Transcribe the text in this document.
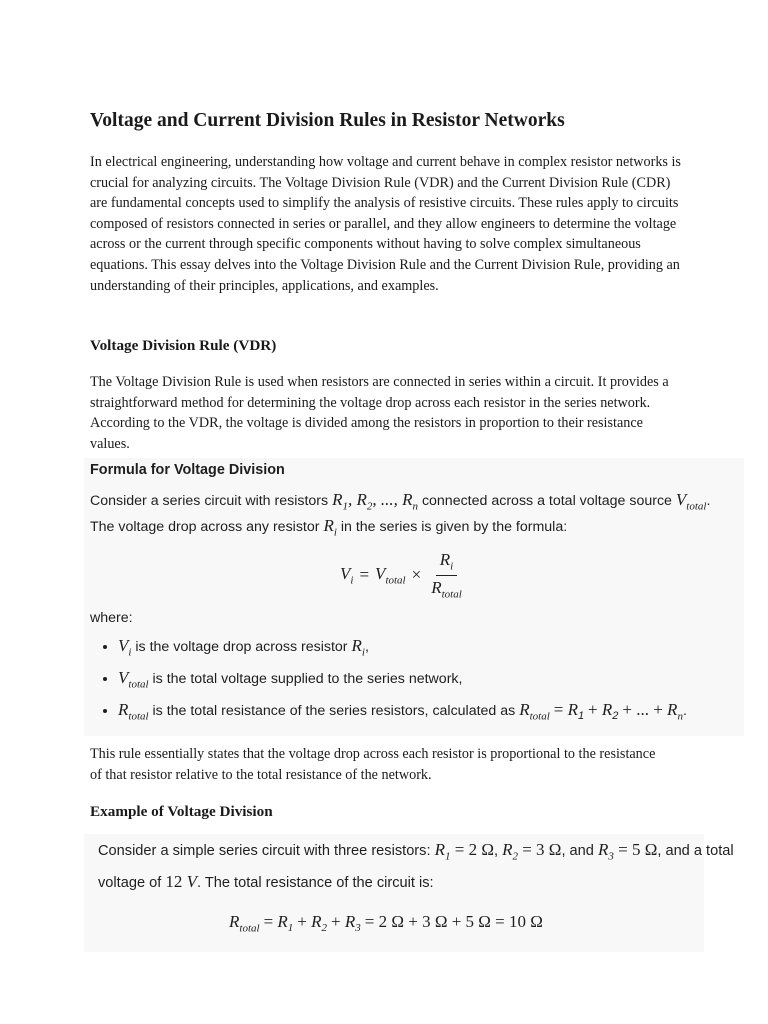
Voltage and Current Division Rules in Resistor Networks

In electrical engineering, understanding how voltage and current behave in complex resistor networks is crucial for analyzing circuits. The Voltage Division Rule (VDR) and the Current Division Rule (CDR) are fundamental concepts used to simplify the analysis of resistive circuits. These rules apply to circuits composed of resistors connected in series or parallel, and they allow engineers to determine the voltage across or the current through specific components without having to solve complex simultaneous equations. This essay delves into the Voltage Division Rule and the Current Division Rule, providing an understanding of their principles, applications, and examples.

Voltage Division Rule (VDR)

The Voltage Division Rule is used when resistors are connected in series within a circuit. It provides a straightforward method for determining the voltage drop across each resistor in the series network. According to the VDR, the voltage is divided among the resistors in proportion to their resistance values.

Formula for Voltage Division
Consider a series circuit with resistors $R_1$, $R_2$, ..., $R_n$ connected across a total voltage source $V_{total}$.
The voltage drop across any resistor $R_i$ in the series is given by the formula:
$V_i = V_{total} \times \frac{R_i}{R_{total}}$
where:
• $V_i$ is the voltage drop across resistor $R_i$,
• $V_{total}$ is the total voltage supplied to the series network,
• $R_{total}$ is the total resistance of the series resistors, calculated as $R_{total} = R_1 + R_2$ + ... + $R_n$.

This rule essentially states that the voltage drop across each resistor is proportional to the resistance of that resistor relative to the total resistance of the network.

Example of Voltage Division
Consider a simple series circuit with three resistors: $R_1 = 2$ Ω, $R_2 = 3$ Ω, and $R_3 = 5$ Ω, and a total
voltage of 12 V. The total resistance of the circuit is:
$R_{total} = R_1 + R_2 + R_3 = 2$ Ω + 3 Ω + 5 Ω = 10 Ω
